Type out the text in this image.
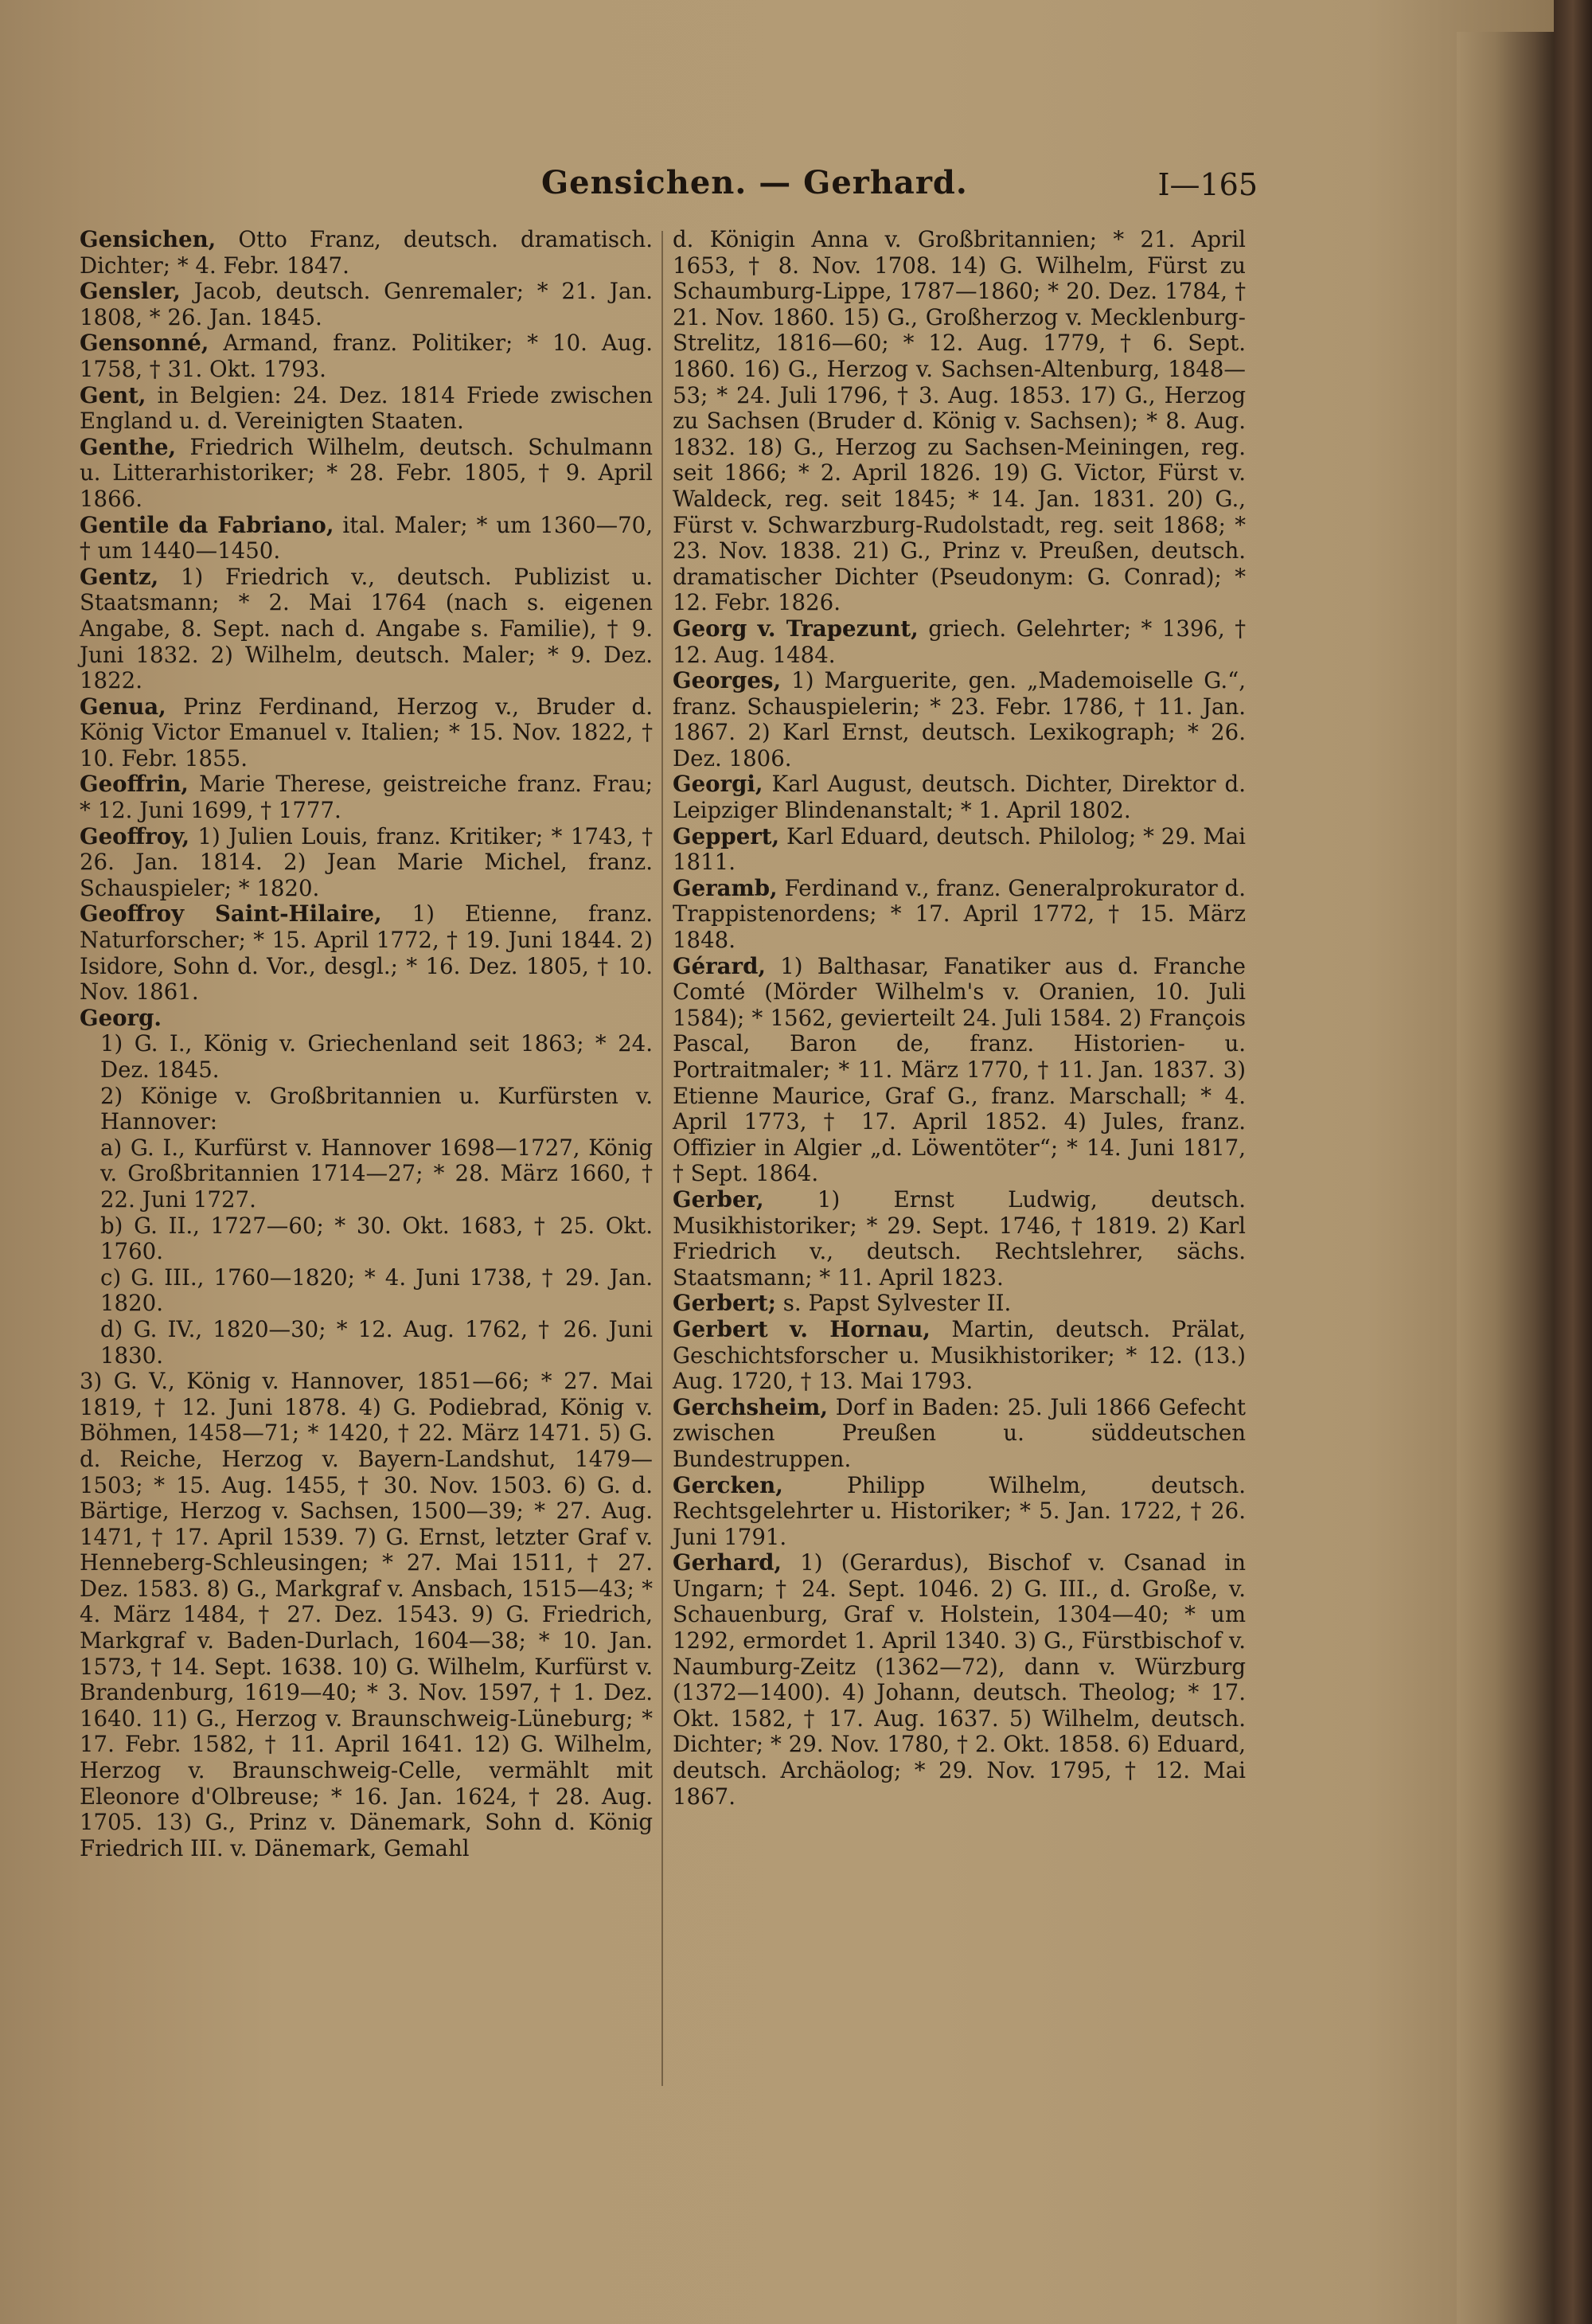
Gensichen. — Gerhard.	I—165

Gensichen, Otto Franz, deutsch. dramatisch. Dichter; * 4. Febr. 1847.

Gensler, Jacob, deutsch. Genremaler; * 21. Jan. 1808, * 26. Jan. 1845.

Gensonné, Armand, franz. Politiker; * 10. Aug. 1758, † 31. Okt. 1793.

Gent, in Belgien: 24. Dez. 1814 Friede zwischen England u. d. Vereinigten Staaten.

Genthe, Friedrich Wilhelm, deutsch. Schulmann u. Litterarhistoriker; * 28. Febr. 1805, † 9. April 1866.

Gentile da Fabriano, ital. Maler; * um 1360—70, † um 1440—1450.

Gentz, 1) Friedrich v., deutsch. Publizist u. Staatsmann; * 2. Mai 1764 (nach s. eigenen Angabe, 8. Sept. nach d. Angabe s. Familie), † 9. Juni 1832. 2) Wilhelm, deutsch. Maler; * 9. Dez. 1822.

Genua, Prinz Ferdinand, Herzog v., Bruder d. König Victor Emanuel v. Italien; * 15. Nov. 1822, † 10. Febr. 1855.

Geoffrin, Marie Therese, geistreiche franz. Frau; * 12. Juni 1699, † 1777.

Geoffroy, 1) Julien Louis, franz. Kritiker; * 1743, † 26. Jan. 1814. 2) Jean Marie Michel, franz. Schauspieler; * 1820.

Geoffroy Saint-Hilaire, 1) Etienne, franz. Naturforscher; * 15. April 1772, † 19. Juni 1844. 2) Isidore, Sohn d. Vor., desgl.; * 16. Dez. 1805, † 10. Nov. 1861.

Georg.

1) G. I., König v. Griechenland seit 1863; * 24. Dez. 1845.

2) Könige v. Großbritannien u. Kurfürsten v. Hannover:

a) G. I., Kurfürst v. Hannover 1698—1727, König v. Großbritannien 1714—27; * 28. März 1660, † 22. Juni 1727.

b) G. II., 1727—60; * 30. Okt. 1683, † 25. Okt. 1760.

c) G. III., 1760—1820; * 4. Juni 1738, † 29. Jan. 1820.

d) G. IV., 1820—30; * 12. Aug. 1762, † 26. Juni 1830.

3) G. V., König v. Hannover, 1851—66; * 27. Mai 1819, † 12. Juni 1878. 4) G. Podiebrad, König v. Böhmen, 1458—71; * 1420, † 22. März 1471. 5) G. d. Reiche, Herzog v. Bayern-Landshut, 1479—1503; * 15. Aug. 1455, † 30. Nov. 1503. 6) G. d. Bärtige, Herzog v. Sachsen, 1500—39; * 27. Aug. 1471, † 17. April 1539. 7) G. Ernst, letzter Graf v. Henneberg-Schleusingen; * 27. Mai 1511, † 27. Dez. 1583. 8) G., Markgraf v. Ansbach, 1515—43; * 4. März 1484, † 27. Dez. 1543. 9) G. Friedrich, Markgraf v. Baden-Durlach, 1604—38; * 10. Jan. 1573, † 14. Sept. 1638. 10) G. Wilhelm, Kurfürst v. Brandenburg, 1619—40; * 3. Nov. 1597, † 1. Dez. 1640. 11) G., Herzog v. Braunschweig-Lüneburg; * 17. Febr. 1582, † 11. April 1641. 12) G. Wilhelm, Herzog v. Braunschweig-Celle, vermählt mit Eleonore d'Olbreuse; * 16. Jan. 1624, † 28. Aug. 1705. 13) G., Prinz v. Dänemark, Sohn d. König Friedrich III. v. Dänemark, Gemahl

d. Königin Anna v. Großbritannien; * 21. April 1653, † 8. Nov. 1708. 14) G. Wilhelm, Fürst zu Schaumburg-Lippe, 1787—1860; * 20. Dez. 1784, † 21. Nov. 1860. 15) G., Großherzog v. Mecklenburg-Strelitz, 1816—60; * 12. Aug. 1779, † 6. Sept. 1860. 16) G., Herzog v. Sachsen-Altenburg, 1848—53; * 24. Juli 1796, † 3. Aug. 1853. 17) G., Herzog zu Sachsen (Bruder d. König v. Sachsen); * 8. Aug. 1832. 18) G., Herzog zu Sachsen-Meiningen, reg. seit 1866; * 2. April 1826. 19) G. Victor, Fürst v. Waldeck, reg. seit 1845; * 14. Jan. 1831. 20) G., Fürst v. Schwarzburg-Rudolstadt, reg. seit 1868; * 23. Nov. 1838. 21) G., Prinz v. Preußen, deutsch. dramatischer Dichter (Pseudonym: G. Conrad); * 12. Febr. 1826.

Georg v. Trapezunt, griech. Gelehrter; * 1396, † 12. Aug. 1484.

Georges, 1) Marguerite, gen. „Mademoiselle G.“, franz. Schauspielerin; * 23. Febr. 1786, † 11. Jan. 1867. 2) Karl Ernst, deutsch. Lexikograph; * 26. Dez. 1806.

Georgi, Karl August, deutsch. Dichter, Direktor d. Leipziger Blindenanstalt; * 1. April 1802.

Geppert, Karl Eduard, deutsch. Philolog; * 29. Mai 1811.

Geramb, Ferdinand v., franz. Generalprokurator d. Trappistenordens; * 17. April 1772, † 15. März 1848.

Gérard, 1) Balthasar, Fanatiker aus d. Franche Comté (Mörder Wilhelm's v. Oranien, 10. Juli 1584); * 1562, gevierteilt 24. Juli 1584. 2) François Pascal, Baron de, franz. Historien- u. Portraitmaler; * 11. März 1770, † 11. Jan. 1837. 3) Etienne Maurice, Graf G., franz. Marschall; * 4. April 1773, † 17. April 1852. 4) Jules, franz. Offizier in Algier „d. Löwentöter“; * 14. Juni 1817, † Sept. 1864.

Gerber, 1) Ernst Ludwig, deutsch. Musikhistoriker; * 29. Sept. 1746, † 1819. 2) Karl Friedrich v., deutsch. Rechtslehrer, sächs. Staatsmann; * 11. April 1823.

Gerbert; s. Papst Sylvester II.

Gerbert v. Hornau, Martin, deutsch. Prälat, Geschichtsforscher u. Musikhistoriker; * 12. (13.) Aug. 1720, † 13. Mai 1793.

Gerchsheim, Dorf in Baden: 25. Juli 1866 Gefecht zwischen Preußen u. süddeutschen Bundestruppen.

Gercken, Philipp Wilhelm, deutsch. Rechtsgelehrter u. Historiker; * 5. Jan. 1722, † 26. Juni 1791.

Gerhard, 1) (Gerardus), Bischof v. Csanad in Ungarn; † 24. Sept. 1046. 2) G. III., d. Große, v. Schauenburg, Graf v. Holstein, 1304—40; * um 1292, ermordet 1. April 1340. 3) G., Fürstbischof v. Naumburg-Zeitz (1362—72), dann v. Würzburg (1372—1400). 4) Johann, deutsch. Theolog; * 17. Okt. 1582, † 17. Aug. 1637. 5) Wilhelm, deutsch. Dichter; * 29. Nov. 1780, † 2. Okt. 1858. 6) Eduard, deutsch. Archäolog; * 29. Nov. 1795, † 12. Mai 1867.
